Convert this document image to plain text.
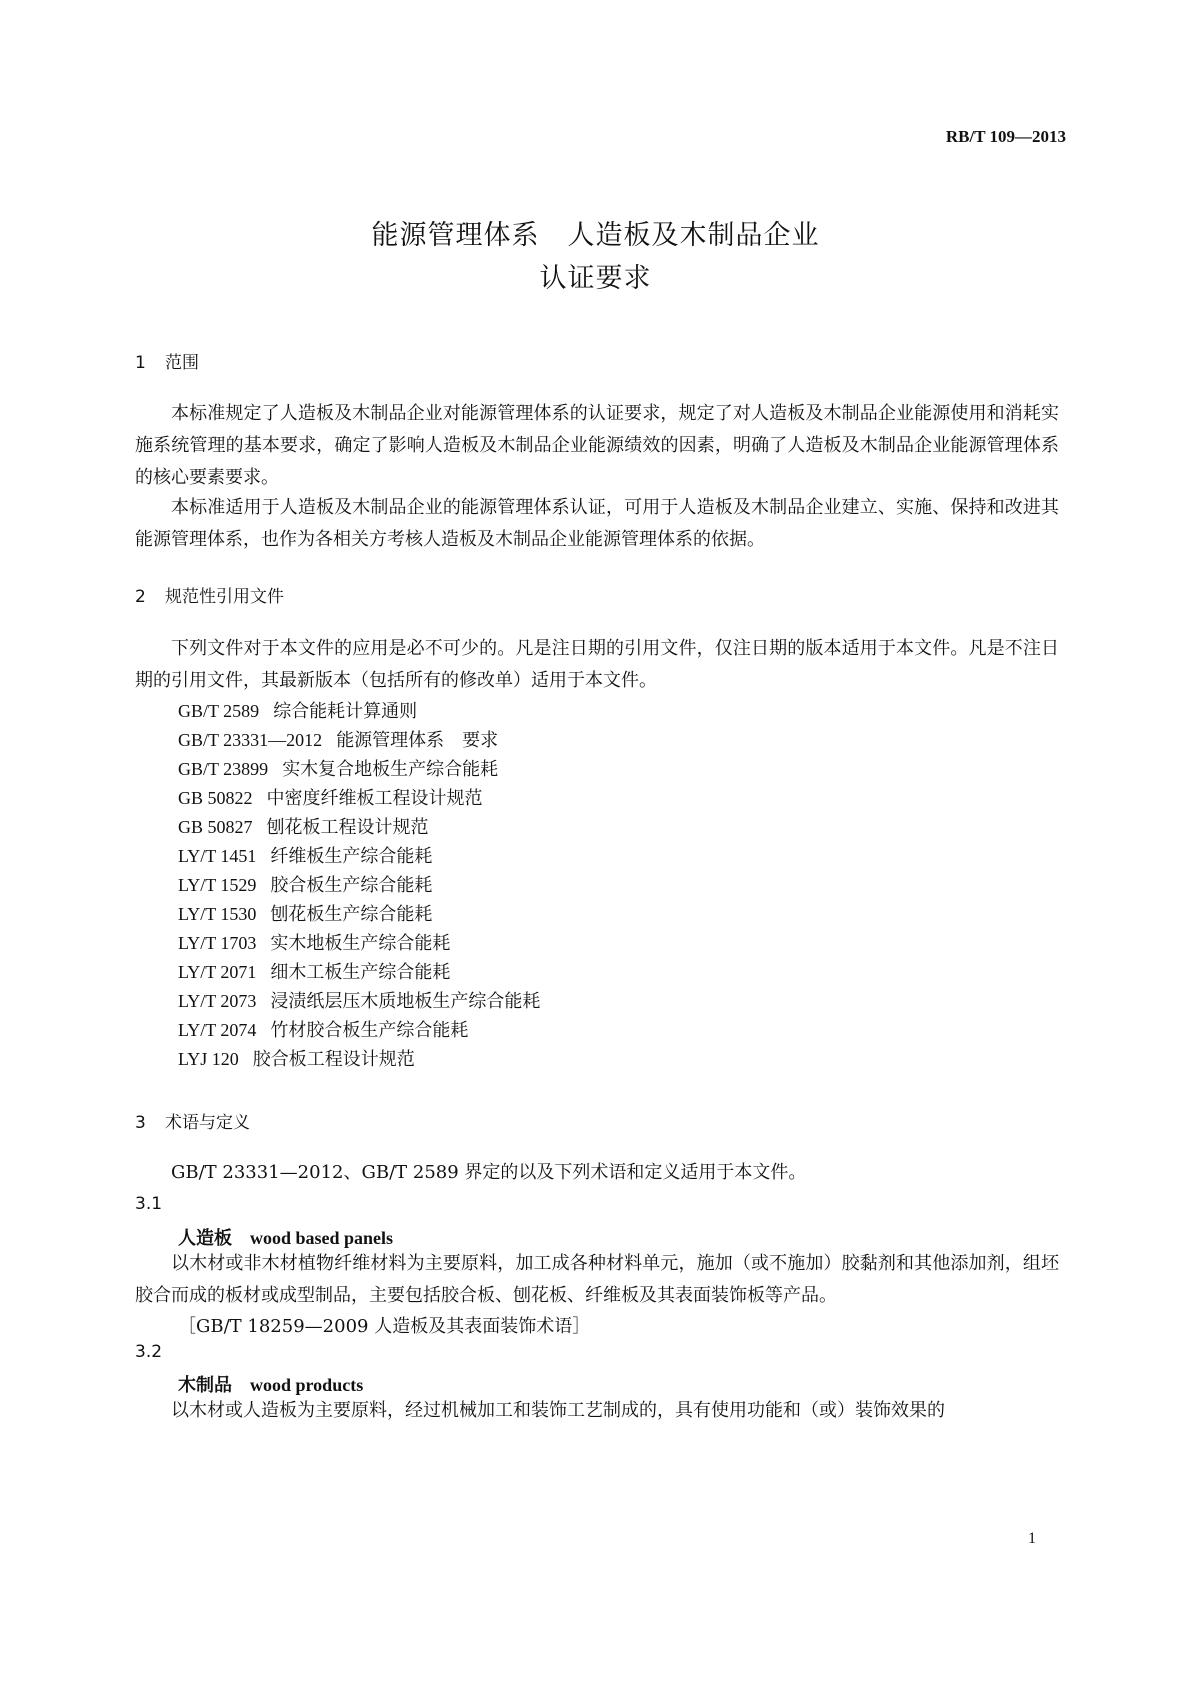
RB/T 109—2013
能源管理体系　人造板及木制品企业
认证要求
1 范围

本标准规定了人造板及木制品企业对能源管理体系的认证要求，规定了对人造板及木制品企业能源使用和消耗实施系统管理的基本要求，确定了影响人造板及木制品企业能源绩效的因素，明确了人造板及木制品企业能源管理体系的核心要素要求。

本标准适用于人造板及木制品企业的能源管理体系认证，可用于人造板及木制品企业建立、实施、保持和改进其能源管理体系，也作为各相关方考核人造板及木制品企业能源管理体系的依据。

2 规范性引用文件

下列文件对于本文件的应用是必不可少的。凡是注日期的引用文件，仅注日期的版本适用于本文件。凡是不注日期的引用文件，其最新版本（包括所有的修改单）适用于本文件。

GB/T 2589 综合能耗计算通则
GB/T 23331—2012 能源管理体系　要求
GB/T 23899 实木复合地板生产综合能耗
GB 50822 中密度纤维板工程设计规范
GB 50827 刨花板工程设计规范
LY/T 1451 纤维板生产综合能耗
LY/T 1529 胶合板生产综合能耗
LY/T 1530 刨花板生产综合能耗
LY/T 1703 实木地板生产综合能耗
LY/T 2071 细木工板生产综合能耗
LY/T 2073 浸渍纸层压木质地板生产综合能耗
LY/T 2074 竹材胶合板生产综合能耗
LYJ 120 胶合板工程设计规范
3 术语与定义

GB/T 23331—2012、GB/T 2589 界定的以及下列术语和定义适用于本文件。

3.1
人造板 wood based panels

以木材或非木材植物纤维材料为主要原料，加工成各种材料单元，施加（或不施加）胶黏剂和其他添加剂，组坯胶合而成的板材或成型制品，主要包括胶合板、刨花板、纤维板及其表面装饰板等产品。

［GB/T 18259—2009 人造板及其表面装饰术语］
3.2
木制品 wood products

以木材或人造板为主要原料，经过机械加工和装饰工艺制成的，具有使用功能和（或）装饰效果的

1
